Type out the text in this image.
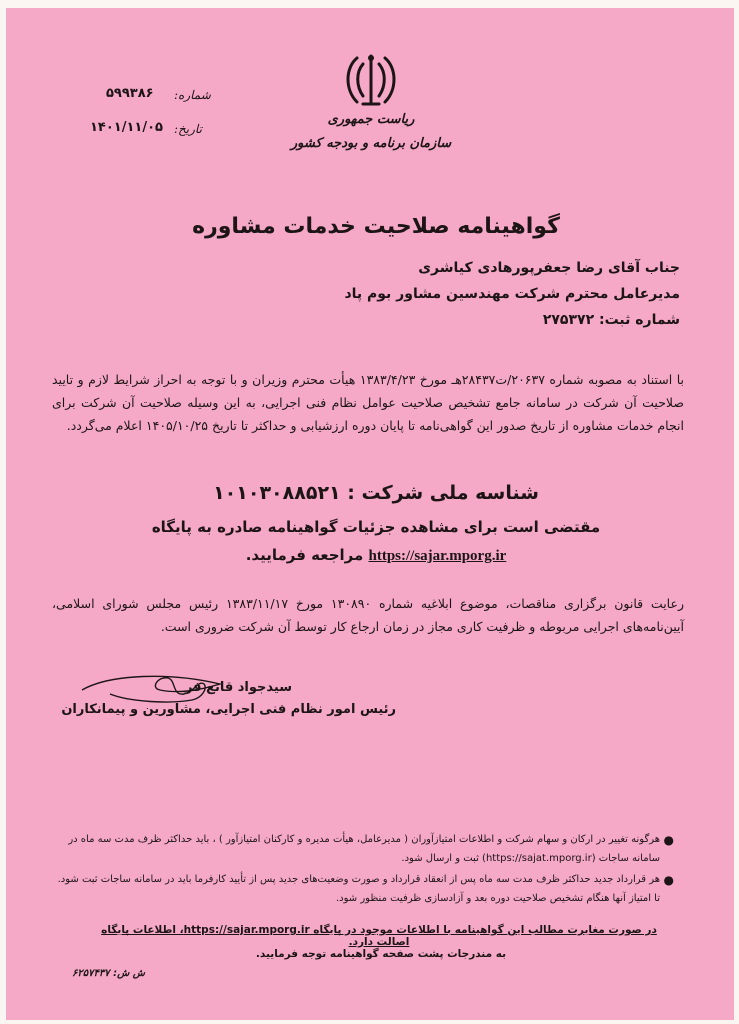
ریاست جمهوری
سازمان برنامه و بودجه کشور
شماره:
۵۹۹۳۸۶
تاریخ:
۱۴۰۱/۱۱/۰۵
گواهینامه صلاحیت خدمات مشاوره
جناب آقای رضا جعفرپورهادی کیاشری
مدیرعامل محترم شرکت مهندسین مشاور بوم پاد
شماره ثبت: ۲۷۵۳۷۲
با استناد به مصوبه شماره ۲۰۶۳۷/ت۲۸۴۳۷هـ مورخ ۱۳۸۳/۴/۲۳ هیأت محترم وزیران و با توجه به احراز شرایط لازم و تایید صلاحیت آن شرکت در سامانه جامع تشخیص صلاحیت عوامل نظام فنی اجرایی، به این وسیله صلاحیت آن شرکت برای انجام خدمات مشاوره از تاریخ صدور این گواهی‌نامه تا پایان دوره ارزشیابی و حداکثر تا تاریخ ۱۴۰۵/۱۰/۲۵ اعلام می‌گردد.
شناسه ملی شرکت : ۱۰۱۰۳۰۸۸۵۲۱
مقتضی است برای مشاهده جزئیات گواهینامه صادره به پایگاه
https://sajar.mporg.ir مراجعه فرمایید.
رعایت قانون برگزاری مناقصات، موضوع ابلاغیه شماره ۱۳۰۸۹۰ مورخ ۱۳۸۳/۱۱/۱۷ رئیس مجلس شورای اسلامی، آیین‌نامه‌های اجرایی مربوطه و ظرفیت کاری مجاز در زمان ارجاع کار توسط آن شرکت ضروری است.
سیدجواد قانع فر
رئیس امور نظام فنی اجرایی، مشاورین و پیمانکاران
●
هرگونه تغییر در ارکان و سهام شرکت و اطلاعات امتیازآوران ( مدیرعامل، هیأت مدیره و کارکنان امتیازآور ) ، باید حداکثر ظرف مدت سه ماه در سامانه ساجات (https://sajat.mporg.ir) ثبت و ارسال شود.
●
هر قرارداد جدید حداکثر ظرف مدت سه ماه پس از انعقاد قرارداد و صورت وضعیت‌های جدید پس از تأیید کارفرما باید در سامانه ساجات ثبت شود. تا امتیاز آنها هنگام تشخیص صلاحیت دوره بعد و آزادسازی ظرفیت منظور شود.
در صورت مغایرت مطالب این گواهینامه با اطلاعات موجود در پایگاه https://sajar.mporg.ir، اطلاعات پایگاه اصالت دارد.
به مندرجات پشت صفحه گواهینامه توجه فرمایید.
ش ش: ۶۲۵۷۴۳۷
